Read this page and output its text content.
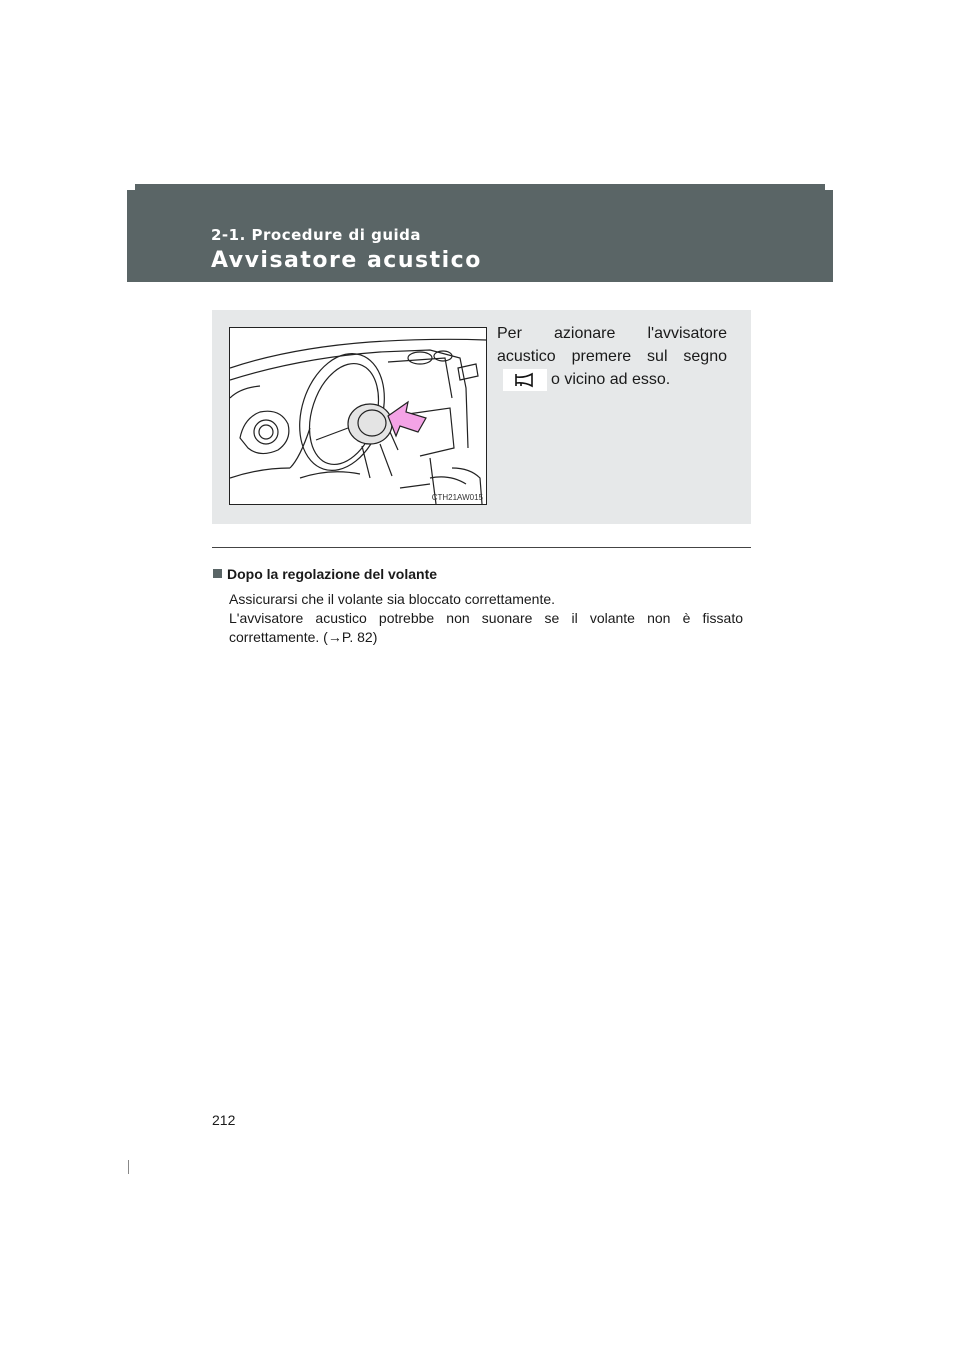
2-1. Procedure di guida
Avvisatore acustico
CTH21AW015
Per azionare l'avvisatore acustico premere sul segno
o vicino ad esso.
Dopo la regolazione del volante

Assicurarsi che il volante sia bloccato correttamente.

L'avvisatore acustico potrebbe non suonare se il volante non è fissato correttamente. (→P. 82)

212
